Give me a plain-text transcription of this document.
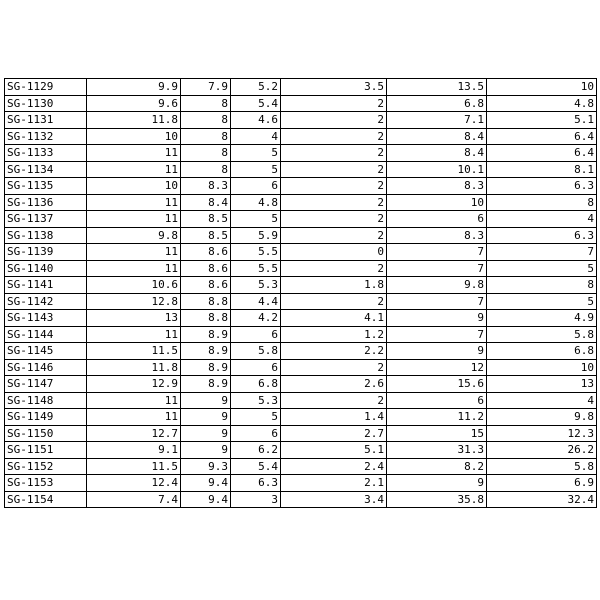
SG-1129	9.9	7.9	5.2	3.5	13.5	10
SG-1130	9.6	8	5.4	2	6.8	4.8
SG-1131	11.8	8	4.6	2	7.1	5.1
SG-1132	10	8	4	2	8.4	6.4
SG-1133	11	8	5	2	8.4	6.4
SG-1134	11	8	5	2	10.1	8.1
SG-1135	10	8.3	6	2	8.3	6.3
SG-1136	11	8.4	4.8	2	10	8
SG-1137	11	8.5	5	2	6	4
SG-1138	9.8	8.5	5.9	2	8.3	6.3
SG-1139	11	8.6	5.5	0	7	7
SG-1140	11	8.6	5.5	2	7	5
SG-1141	10.6	8.6	5.3	1.8	9.8	8
SG-1142	12.8	8.8	4.4	2	7	5
SG-1143	13	8.8	4.2	4.1	9	4.9
SG-1144	11	8.9	6	1.2	7	5.8
SG-1145	11.5	8.9	5.8	2.2	9	6.8
SG-1146	11.8	8.9	6	2	12	10
SG-1147	12.9	8.9	6.8	2.6	15.6	13
SG-1148	11	9	5.3	2	6	4
SG-1149	11	9	5	1.4	11.2	9.8
SG-1150	12.7	9	6	2.7	15	12.3
SG-1151	9.1	9	6.2	5.1	31.3	26.2
SG-1152	11.5	9.3	5.4	2.4	8.2	5.8
SG-1153	12.4	9.4	6.3	2.1	9	6.9
SG-1154	7.4	9.4	3	3.4	35.8	32.4
